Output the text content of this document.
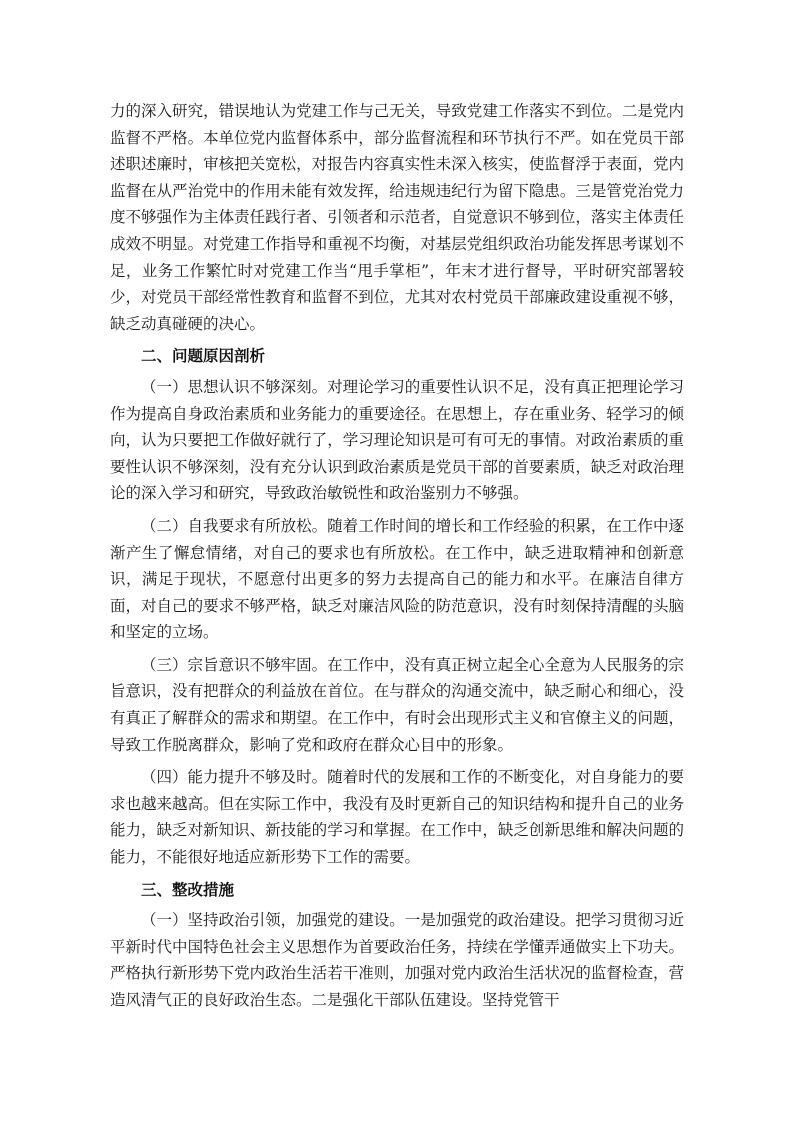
力的深入研究，错误地认为党建工作与己无关，导致党建工作落实不到位。二是党内监督不严格。本单位党内监督体系中，部分监督流程和环节执行不严。如在党员干部述职述廉时，审核把关宽松，对报告内容真实性未深入核实，使监督浮于表面，党内监督在从严治党中的作用未能有效发挥，给违规违纪行为留下隐患。三是管党治党力度不够强作为主体责任践行者、引领者和示范者，自觉意识不够到位，落实主体责任成效不明显。对党建工作指导和重视不均衡，对基层党组织政治功能发挥思考谋划不足，业务工作繁忙时对党建工作当“甩手掌柜”，年末才进行督导，平时研究部署较少，对党员干部经常性教育和监督不到位，尤其对农村党员干部廉政建设重视不够，缺乏动真碰硬的决心。

二、问题原因剖析

（一）思想认识不够深刻。对理论学习的重要性认识不足，没有真正把理论学习作为提高自身政治素质和业务能力的重要途径。在思想上，存在重业务、轻学习的倾向，认为只要把工作做好就行了，学习理论知识是可有可无的事情。对政治素质的重要性认识不够深刻，没有充分认识到政治素质是党员干部的首要素质，缺乏对政治理论的深入学习和研究，导致政治敏锐性和政治鉴别力不够强。

（二）自我要求有所放松。随着工作时间的增长和工作经验的积累，在工作中逐渐产生了懈怠情绪，对自己的要求也有所放松。在工作中，缺乏进取精神和创新意识，满足于现状，不愿意付出更多的努力去提高自己的能力和水平。在廉洁自律方面，对自己的要求不够严格，缺乏对廉洁风险的防范意识，没有时刻保持清醒的头脑和坚定的立场。

（三）宗旨意识不够牢固。在工作中，没有真正树立起全心全意为人民服务的宗旨意识，没有把群众的利益放在首位。在与群众的沟通交流中，缺乏耐心和细心，没有真正了解群众的需求和期望。在工作中，有时会出现形式主义和官僚主义的问题，导致工作脱离群众，影响了党和政府在群众心目中的形象。

（四）能力提升不够及时。随着时代的发展和工作的不断变化，对自身能力的要求也越来越高。但在实际工作中，我没有及时更新自己的知识结构和提升自己的业务能力，缺乏对新知识、新技能的学习和掌握。在工作中，缺乏创新思维和解决问题的能力，不能很好地适应新形势下工作的需要。

三、整改措施

（一）坚持政治引领，加强党的建设。一是加强党的政治建设。把学习贯彻习近平新时代中国特色社会主义思想作为首要政治任务，持续在学懂弄通做实上下功夫。严格执行新形势下党内政治生活若干准则，加强对党内政治生活状况的监督检查，营造风清气正的良好政治生态。二是强化干部队伍建设。坚持党管干
